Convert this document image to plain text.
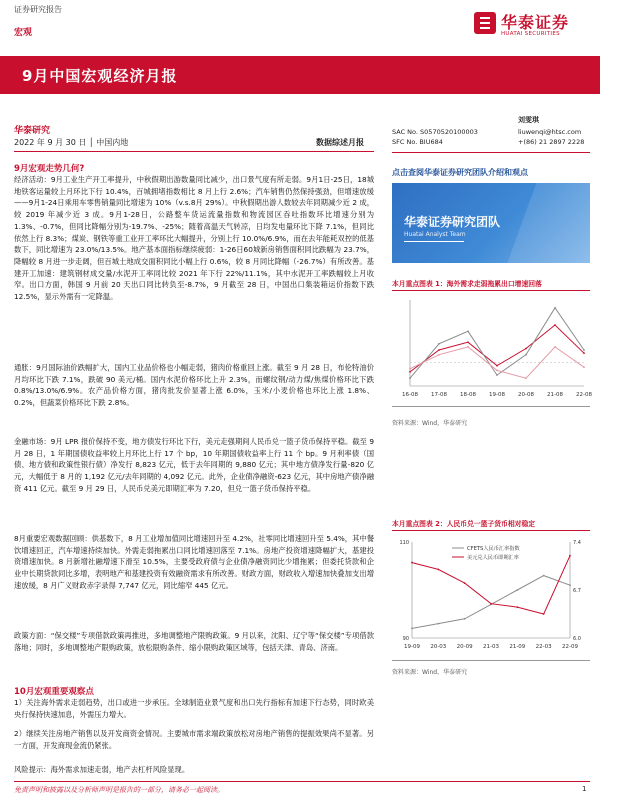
证券研究报告
宏观
华泰证券
HUATAI SECURITIES
9月中国宏观经济月报
华泰研究
2022 年 9 月 30 日 │ 中国内地	数据综述月报
刘雯琪
SAC No. S0570520100003	liuwenqi@htsc.com
SFC No. BIU684	+(86) 21 2897 2228
9月宏观走势几何?
经济活动：9月工业生产开工率提升，中秋假期出游数量同比减少，出口景气度有所走弱。9月1日-25日，18城地铁客运量较上月环比下行 10.4%，百城拥堵指数相比 8 月上行 2.6%；汽车销售仍然保持强劲，但增速放缓——9月1-24日乘用车零售销量同比增速为 10%（v.s.8月 29%）。中秋假期出游人数较去年同期减少近 2 成，较 2019 年减少近 3 成。9月1-28日，公路整车货运流量指数和物流园区吞吐指数环比增速分别为 1.3%、-0.7%，但同比降幅分别为-19.7%、-25%；随着高温天气转凉，日均发电量环比下降 7.1%，但同比依然上行 8.3%；煤炭、钢铁等重工业开工率环比大幅提升，分别上行 10.0%/6.9%，而在去年能耗双控的低基数下，同比增速为 23.0%/13.5%。地产基本面指标继续疲弱：1-26日60城新房销售面积同比跌幅为 23.7%，降幅较 8 月进一步走阔，但百城土地成交面积同比小幅上行 0.6%，较 8 月同比降幅（-26.7%）有所改善。基建开工加速：建筑钢材成交量/水泥开工率同比较 2021 年下行 22%/11.1%，其中水泥开工率跌幅较上月收窄。出口方面，韩国 9 月前 20 天出口同比转负至-8.7%，9 月截至 28 日，中国出口集装箱运价指数下跌 12.5%，显示外需有一定降温。
通胀：9月国际油价跌幅扩大，国内工业品价格也小幅走弱，猪肉价格重回上涨。截至 9 月 28 日，布伦特油价月均环比下跌 7.1%，跌破 90 美元/桶。国内水泥价格环比上升 2.3%，而螺纹钢/动力煤/焦煤价格环比下跌 0.8%/13.0%/6.9%。农产品价格方面，猪肉批发价显著上涨 6.0%，玉米/小麦价格也环比上涨 1.8%、0.2%，但蔬菜价格环比下跌 2.8%。
金融市场：9月 LPR 报价保持不变，地方债发行环比下行，美元走强期间人民币兑一篮子货币保持平稳。截至 9 月 28 日，1 年期国债收益率较上月环比上行 17 个 bp，10 年期国债收益率上行 11 个 bp。9 月利率债（国债、地方债和政策性银行债）净发行 8,823 亿元，低于去年同期的 9,880 亿元；其中地方债净发行量-820 亿元，大幅低于 8 月的 1,192 亿元/去年同期的 4,092 亿元。此外，企业债净融资-623 亿元，其中房地产债净融资 411 亿元。截至 9 月 29 日，人民币兑美元即期汇率为 7.20，但兑一篮子货币保持平稳。
8月重要宏观数据回顾：供基数下，8 月工业增加值同比增速回升至 4.2%，社零同比增速回升至 5.4%，其中餐饮增速回正，汽车增速持续加快。外需走弱拖累出口同比增速回落至 7.1%。房地产投资增速降幅扩大，基建投资增速加快。8 月新增社融增速下滑至 10.5%，主要受政府债与企业债净融资同比少增拖累；但委托贷款和企业中长期贷款同比多增，表明地产和基建投资有效融资需求有所改善。财政方面，财政收入增速加快叠加支出增速放缓，8 月广义财政赤字录得 7,747 亿元，同比缩窄 445 亿元。
政策方面：“保交楼”专项借款政策再推进，多地调整地产限购政策。9 月以来，沈阳、辽宁等“保交楼”专项借款落地；同时，多地调整地产限购政策，放松限购条件、缩小限购政策区域等，包括天津、青岛、济南。
10月宏观重要观察点
1）关注海外需求走弱趋势，出口或进一步承压。全球制造业景气度和出口先行指标有加速下行态势，同时欧美央行保持快速加息，外需压力增大。
2）继续关注房地产销售以及开发商资金情况。主要城市需求端政策放松对房地产销售的提振效果尚不显著。另一方面，开发商现金流仍紧张。
风险提示：海外需求加速走弱，地产去杠杆风险显现。
点击查阅华泰证券研究团队介绍和观点
华泰证券研究团队
Huatai Analyst Team
本月重点图表 1：海外需求走弱拖累出口增速回落
16-08 17-08 18-08 19-08 20-08 21-08 22-08
资料来源：Wind，华泰研究
本月重点图表 2：人民币兑一篮子货币相对稳定
CFETS人民币汇率指数
美元兑人民币即期汇率
6.0
6.7
7.4
90
110
19-09 20-03 20-09 21-03 21-09 22-03 22-09
资料来源：Wind，华泰研究
免责声明和披露以及分析师声明是报告的一部分，请务必一起阅读。	1
